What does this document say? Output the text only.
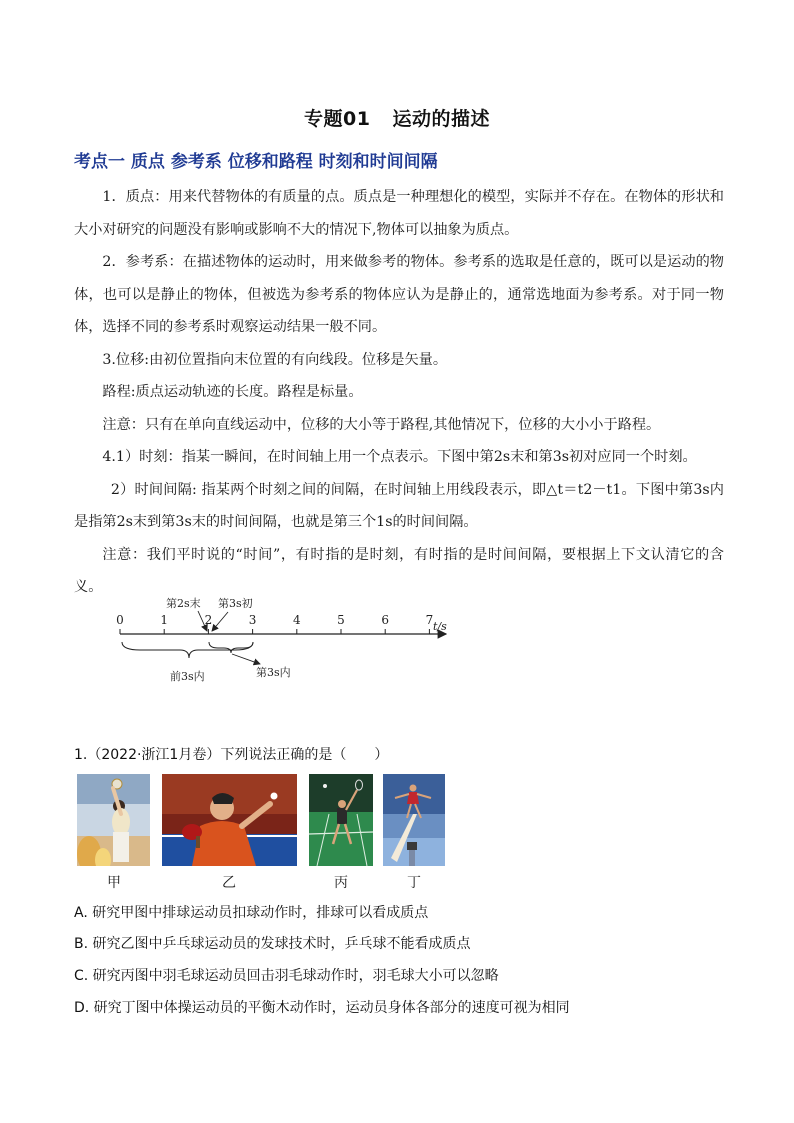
专题01 运动的描述
考点一 质点 参考系 位移和路程 时刻和时间间隔

1．质点：用来代替物体的有质量的点。质点是一种理想化的模型，实际并不存在。在物体的形状和大小对研究的问题没有影响或影响不大的情况下,物体可以抽象为质点。

2．参考系：在描述物体的运动时，用来做参考的物体。参考系的选取是任意的，既可以是运动的物体，也可以是静止的物体，但被选为参考系的物体应认为是静止的，通常选地面为参考系。对于同一物体，选择不同的参考系时观察运动结果一般不同。

3.位移:由初位置指向末位置的有向线段。位移是矢量。

路程:质点运动轨迹的长度。路程是标量。

注意：只有在单向直线运动中，位移的大小等于路程,其他情况下，位移的大小小于路程。

4.1）时刻：指某一瞬间，在时间轴上用一个点表示。下图中第2s末和第3s初对应同一个时刻。

2）时间间隔: 指某两个时刻之间的间隔，在时间轴上用线段表示，即△t＝t2－t1。下图中第3s内是指第2s末到第3s末的时间间隔，也就是第三个1s的时间间隔。

注意：我们平时说的“时间”，有时指的是时刻，有时指的是时间间隔，要根据上下文认清它的含义。

0	1	2	3	4	5	6	7 t/s
第2s末 第3s初
前3s内	第3s内
1.（2022·浙江1月卷）下列说法正确的是（　　）
甲	乙	丙	丁
A. 研究甲图中排球运动员扣球动作时，排球可以看成质点
B. 研究乙图中乒乓球运动员的发球技术时，乒乓球不能看成质点
C. 研究丙图中羽毛球运动员回击羽毛球动作时，羽毛球大小可以忽略
D. 研究丁图中体操运动员的平衡木动作时，运动员身体各部分的速度可视为相同
